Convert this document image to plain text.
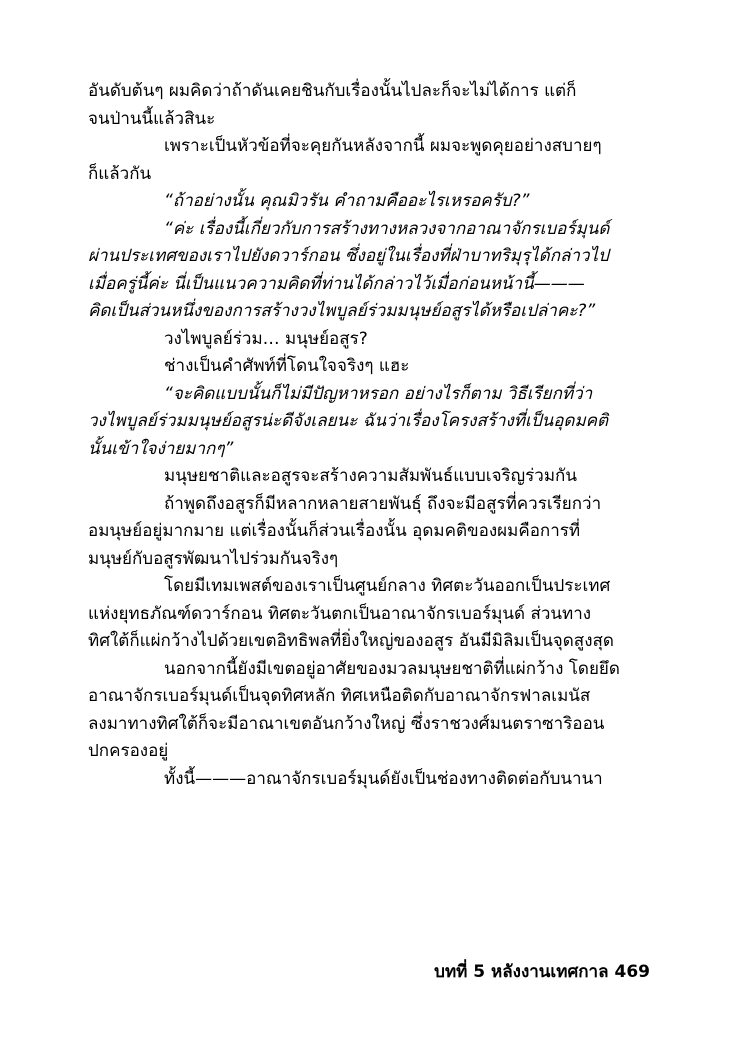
อันดับต้นๆ ผมคิดว่าถ้าดันเคยชินกับเรื่องนั้นไปละก็จะไม่ได้การ แต่ก็
จนป่านนี้แล้วสินะ
เพราะเป็นหัวข้อที่จะคุยกันหลังจากนี้ ผมจะพูดคุยอย่างสบายๆ
ก็แล้วกัน
“ถ้าอย่างนั้น คุณมิวรัน คำถามคืออะไรเหรอครับ?”
“ค่ะ เรื่องนี้เกี่ยวกับการสร้างทางหลวงจากอาณาจักรเบอร์มุนด์
ผ่านประเทศของเราไปยังดวาร์กอน ซึ่งอยู่ในเรื่องที่ฝ่าบาทริมุรุได้กล่าวไป
เมื่อครู่นี้ค่ะ นี่เป็นแนวความคิดที่ท่านได้กล่าวไว้เมื่อก่อนหน้านี้———
คิดเป็นส่วนหนึ่งของการสร้างวงไพบูลย์ร่วมมนุษย์อสูรได้หรือเปล่าคะ?”
วงไพบูลย์ร่วม… มนุษย์อสูร?
ช่างเป็นคำศัพท์ที่โดนใจจริงๆ แฮะ
“จะคิดแบบนั้นก็ไม่มีปัญหาหรอก อย่างไรก็ตาม วิธีเรียกที่ว่า
วงไพบูลย์ร่วมมนุษย์อสูรน่ะดีจังเลยนะ ฉันว่าเรื่องโครงสร้างที่เป็นอุดมคติ
นั้นเข้าใจง่ายมากๆ”
มนุษยชาติและอสูรจะสร้างความสัมพันธ์แบบเจริญร่วมกัน
ถ้าพูดถึงอสูรก็มีหลากหลายสายพันธุ์ ถึงจะมีอสูรที่ควรเรียกว่า
อมนุษย์อยู่มากมาย แต่เรื่องนั้นก็ส่วนเรื่องนั้น อุดมคติของผมคือการที่
มนุษย์กับอสูรพัฒนาไปร่วมกันจริงๆ
โดยมีเทมเพสต์ของเราเป็นศูนย์กลาง ทิศตะวันออกเป็นประเทศ
แห่งยุทธภัณฑ์ดวาร์กอน ทิศตะวันตกเป็นอาณาจักรเบอร์มุนด์ ส่วนทาง
ทิศใต้ก็แผ่กว้างไปด้วยเขตอิทธิพลที่ยิ่งใหญ่ของอสูร อันมีมิลิมเป็นจุดสูงสุด
นอกจากนี้ยังมีเขตอยู่อาศัยของมวลมนุษยชาติที่แผ่กว้าง โดยยึด
อาณาจักรเบอร์มุนด์เป็นจุดทิศหลัก ทิศเหนือติดกับอาณาจักรฟาลเมนัส
ลงมาทางทิศใต้ก็จะมีอาณาเขตอันกว้างใหญ่ ซึ่งราชวงศ์มนตราซาริออน
ปกครองอยู่
ทั้งนี้———อาณาจักรเบอร์มุนด์ยังเป็นช่องทางติดต่อกับนานา
บทที่ 5 หลังงานเทศกาล 469
